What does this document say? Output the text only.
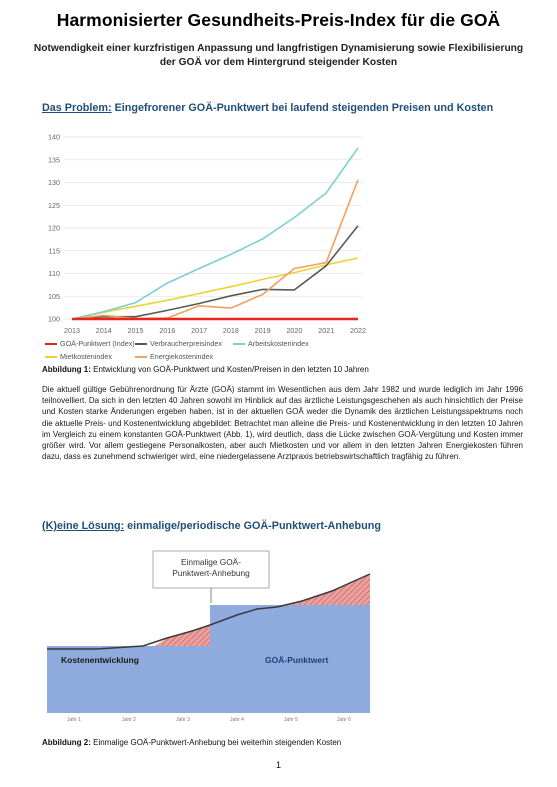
Harmonisierter Gesundheits-Preis-Index für die GOÄ
Notwendigkeit einer kurzfristigen Anpassung und langfristigen Dynamisierung sowie Flexibilisierung der GOÄ vor dem Hintergrund steigender Kosten
Das Problem: Eingefrorener GOÄ-Punktwert bei laufend steigenden Preisen und Kosten
100
105
110
115
120
125
130
135
140
2013 2014 2015 2016 2017 2018 2019 2020 2021 2022
Abbildung 1: Entwicklung von GOÄ-Punktwert und Kosten/Preisen in den letzten 10 Jahren
Die aktuell gültige Gebührenordnung für Ärzte (GOÄ) stammt im Wesentlichen aus dem Jahr 1982 und wurde lediglich im Jahr 1996 teilnovelliert. Da sich in den letzten 40 Jahren sowohl im Hinblick auf das ärztliche Leistungsgeschehen als auch hinsichtlich der Preise und Kosten starke Änderungen ergeben haben, ist in der aktuellen GOÄ weder die Dynamik des ärztlichen Leistungsspektrums noch die aktuelle Preis- und Kostenentwicklung abgebildet: Betrachtet man alleine die Preis- und Kostenentwicklung in den letzten 10 Jahren im Vergleich zu einem konstanten GOÄ-Punktwert (Abb. 1), wird deutlich, dass die Lücke zwischen GOÄ-Vergütung und Kosten immer größer wird. Vor allem gestiegene Personalkosten, aber auch Mietkosten und vor allem in den letzten Jahren Energiekosten führen dazu, dass es zunehmend schwieriger wird, eine niedergelassene Arztpraxis betriebswirtschaftlich tragfähig zu führen.
(K)eine Lösung: einmalige/periodische GOÄ-Punktwert-Anhebung
Einmalige GOÄ-Punktwert-Anhebung
Kostenentwicklung	GOÄ-Punktwert
Jahr 1	Jahr 2	Jahr 3	Jahr 4	Jahr 5	Jahr 6
Abbildung 2: Einmalige GOÄ-Punktwert-Anhebung bei weiterhin steigenden Kosten
1
GOÄ-Punktwert (Index)	Verbraucherpreisindex	Arbeitskostenindex
Mietkostenindex	Energiekostenindex
